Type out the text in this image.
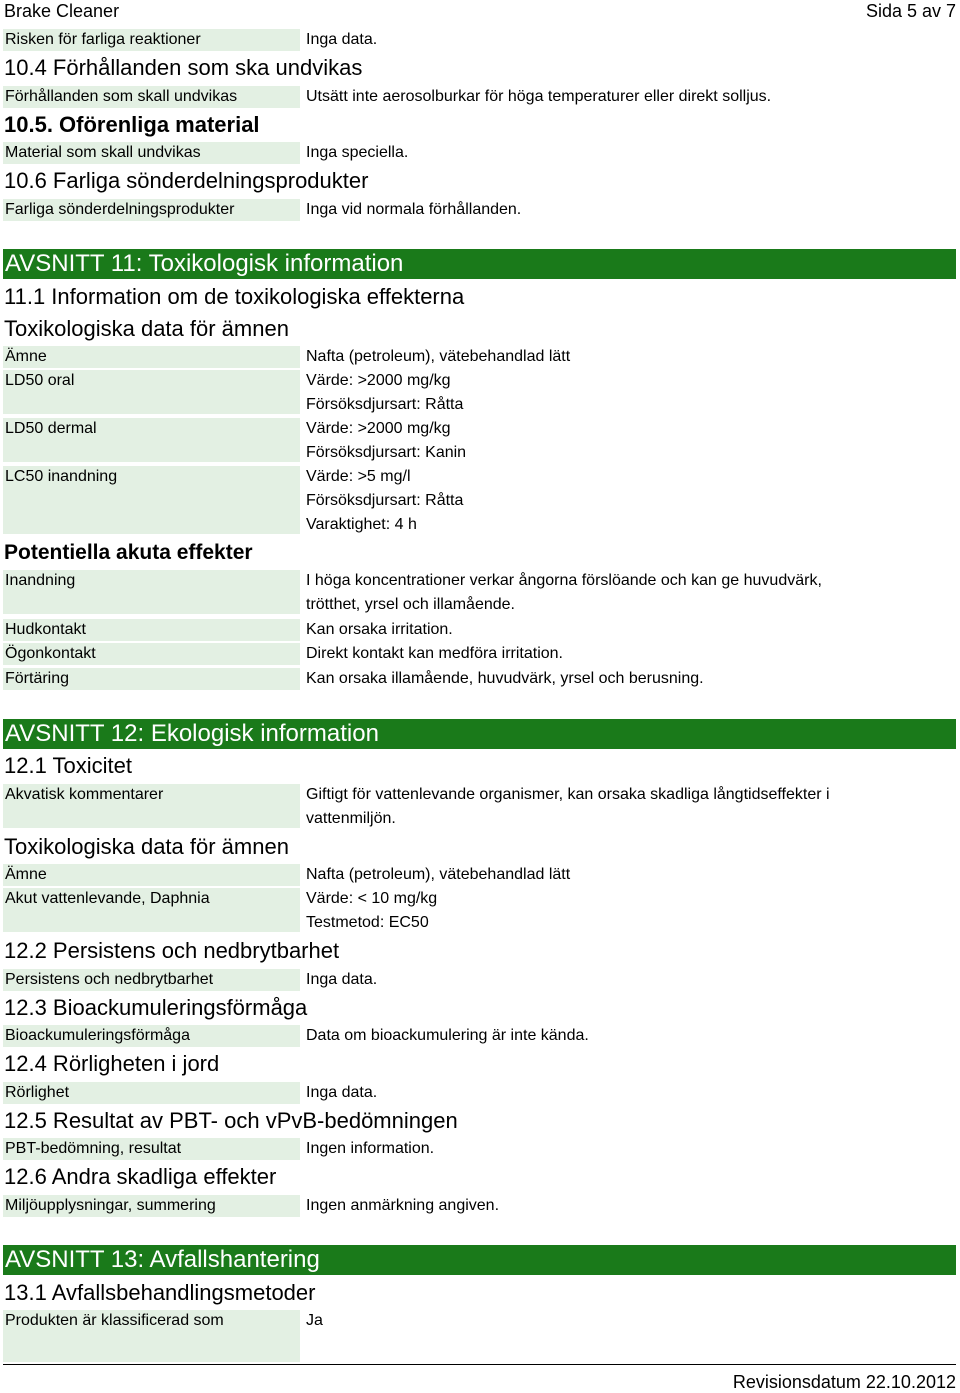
Brake Cleaner	Sida 5 av 7
Risken för farliga reaktioner	Inga data.
10.4 Förhållanden som ska undvikas
Förhållanden som skall undvikas	Utsätt inte aerosolburkar för höga temperaturer eller direkt solljus.
10.5. Oförenliga material
Material som skall undvikas	Inga speciella.
10.6 Farliga sönderdelningsprodukter
Farliga sönderdelningsprodukter	Inga vid normala förhållanden.
AVSNITT 11: Toxikologisk information
11.1 Information om de toxikologiska effekterna
Toxikologiska data för ämnen
Ämne	Nafta (petroleum), vätebehandlad lätt
LD50 oral	Värde: >2000 mg/kg
Försöksdjursart: Råtta
LD50 dermal	Värde: >2000 mg/kg
Försöksdjursart: Kanin
LC50 inandning	Värde: >5 mg/l
Försöksdjursart: Råtta
Varaktighet: 4 h
Potentiella akuta effekter
Inandning	I höga koncentrationer verkar ångorna förslöande och kan ge huvudvärk,
trötthet, yrsel och illamående.
Hudkontakt	Kan orsaka irritation.
Ögonkontakt	Direkt kontakt kan medföra irritation.
Förtäring	Kan orsaka illamående, huvudvärk, yrsel och berusning.
AVSNITT 12: Ekologisk information
12.1 Toxicitet
Akvatisk kommentarer	Giftigt för vattenlevande organismer, kan orsaka skadliga långtidseffekter i
vattenmiljön.
Toxikologiska data för ämnen
Ämne	Nafta (petroleum), vätebehandlad lätt
Akut vattenlevande, Daphnia	Värde: < 10 mg/kg
Testmetod: EC50
12.2 Persistens och nedbrytbarhet
Persistens och nedbrytbarhet	Inga data.
12.3 Bioackumuleringsförmåga
Bioackumuleringsförmåga	Data om bioackumulering är inte kända.
12.4 Rörligheten i jord
Rörlighet	Inga data.
12.5 Resultat av PBT- och vPvB-bedömningen
PBT-bedömning, resultat	Ingen information.
12.6 Andra skadliga effekter
Miljöupplysningar, summering	Ingen anmärkning angiven.
AVSNITT 13: Avfallshantering
13.1 Avfallsbehandlingsmetoder
Produkten är klassificerad som	Ja
Revisionsdatum 22.10.2012
